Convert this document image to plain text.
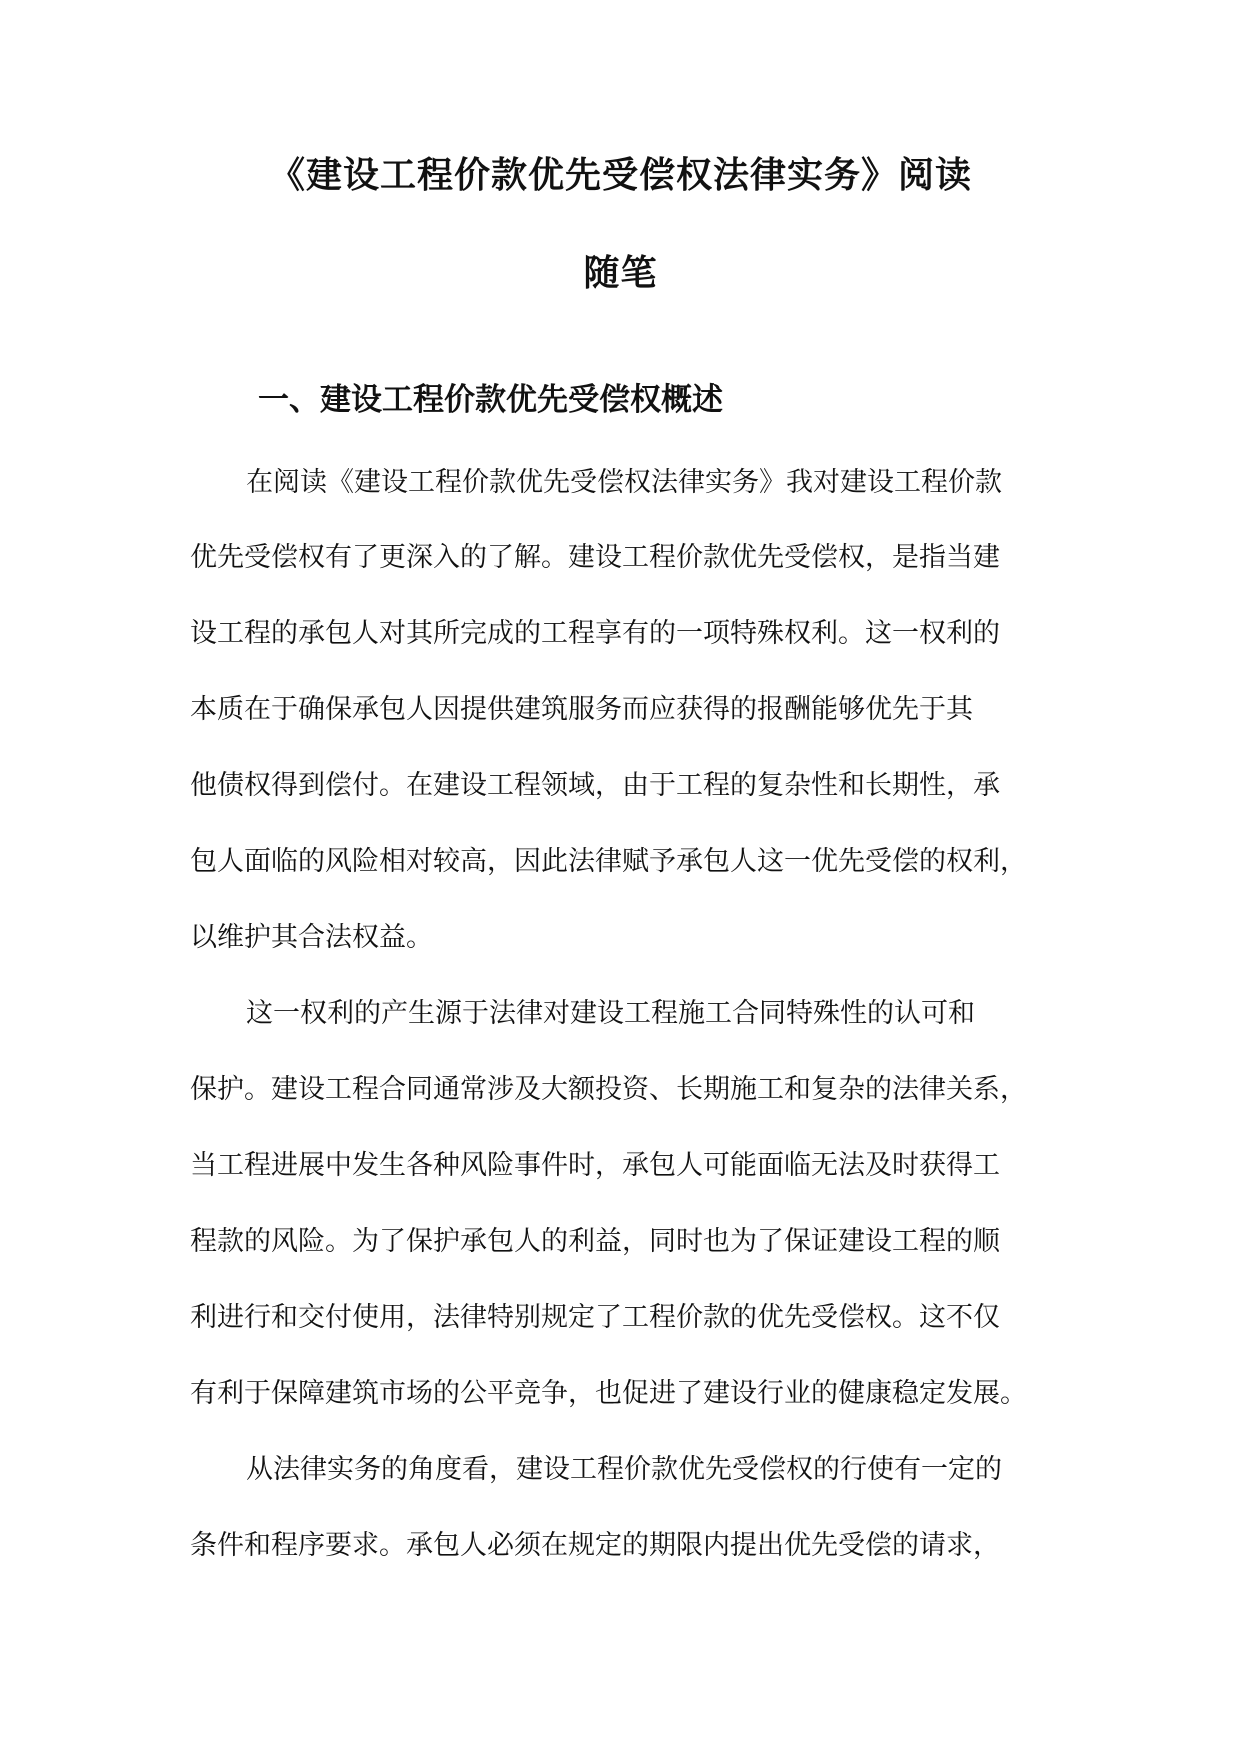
《建设工程价款优先受偿权法律实务》阅读
随笔
一、建设工程价款优先受偿权概述
在阅读《建设工程价款优先受偿权法律实务》我对建设工程价款
优先受偿权有了更深入的了解。建设工程价款优先受偿权，是指当建
设工程的承包人对其所完成的工程享有的一项特殊权利。这一权利的
本质在于确保承包人因提供建筑服务而应获得的报酬能够优先于其
他债权得到偿付。在建设工程领域，由于工程的复杂性和长期性，承
包人面临的风险相对较高，因此法律赋予承包人这一优先受偿的权利，
以维护其合法权益。
这一权利的产生源于法律对建设工程施工合同特殊性的认可和
保护。建设工程合同通常涉及大额投资、长期施工和复杂的法律关系，
当工程进展中发生各种风险事件时，承包人可能面临无法及时获得工
程款的风险。为了保护承包人的利益，同时也为了保证建设工程的顺
利进行和交付使用，法律特别规定了工程价款的优先受偿权。这不仅
有利于保障建筑市场的公平竞争，也促进了建设行业的健康稳定发展。
从法律实务的角度看，建设工程价款优先受偿权的行使有一定的
条件和程序要求。承包人必须在规定的期限内提出优先受偿的请求，
